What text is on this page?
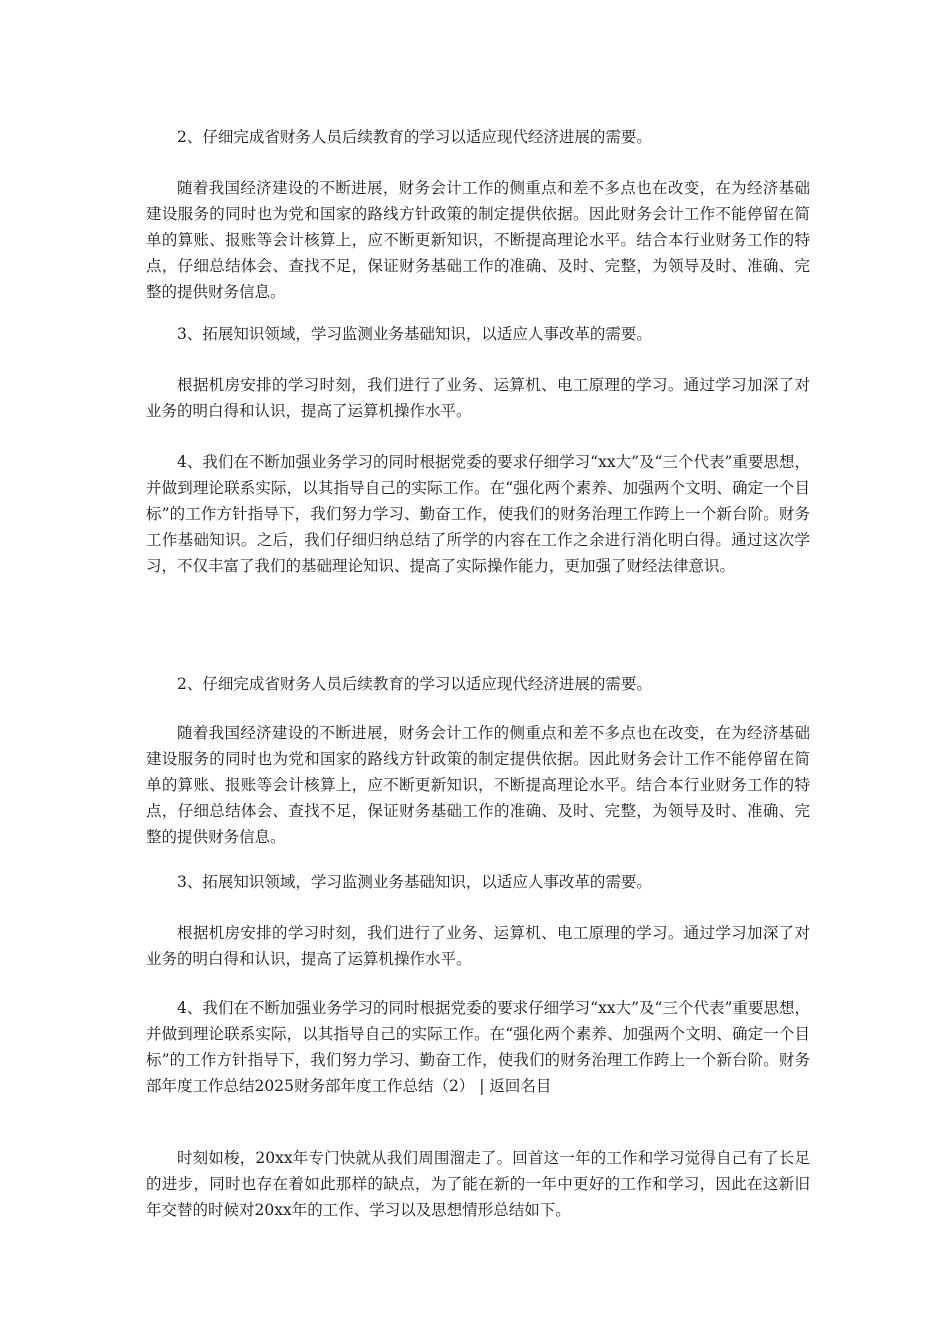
2、仔细完成省财务人员后续教育的学习以适应现代经济进展的需要。

随着我国经济建设的不断进展，财务会计工作的侧重点和差不多点也在改变，在为经济基础建设服务的同时也为党和国家的路线方针政策的制定提供依据。因此财务会计工作不能停留在简单的算账、报账等会计核算上，应不断更新知识，不断提高理论水平。结合本行业财务工作的特点，仔细总结体会、查找不足，保证财务基础工作的准确、及时、完整，为领导及时、准确、完整的提供财务信息。

3、拓展知识领域，学习监测业务基础知识，以适应人事改革的需要。

根据机房安排的学习时刻，我们进行了业务、运算机、电工原理的学习。通过学习加深了对业务的明白得和认识，提高了运算机操作水平。

4、我们在不断加强业务学习的同时根据党委的要求仔细学习“xx大”及“三个代表”重要思想，并做到理论联系实际，以其指导自己的实际工作。在“强化两个素养、加强两个文明、确定一个目标”的工作方针指导下，我们努力学习、勤奋工作，使我们的财务治理工作跨上一个新台阶。财务工作基础知识。之后，我们仔细归纳总结了所学的内容在工作之余进行消化明白得。通过这次学习，不仅丰富了我们的基础理论知识、提高了实际操作能力，更加强了财经法律意识。

2、仔细完成省财务人员后续教育的学习以适应现代经济进展的需要。

随着我国经济建设的不断进展，财务会计工作的侧重点和差不多点也在改变，在为经济基础建设服务的同时也为党和国家的路线方针政策的制定提供依据。因此财务会计工作不能停留在简单的算账、报账等会计核算上，应不断更新知识，不断提高理论水平。结合本行业财务工作的特点，仔细总结体会、查找不足，保证财务基础工作的准确、及时、完整，为领导及时、准确、完整的提供财务信息。

3、拓展知识领域，学习监测业务基础知识，以适应人事改革的需要。

根据机房安排的学习时刻，我们进行了业务、运算机、电工原理的学习。通过学习加深了对业务的明白得和认识，提高了运算机操作水平。

4、我们在不断加强业务学习的同时根据党委的要求仔细学习“xx大”及“三个代表”重要思想，并做到理论联系实际，以其指导自己的实际工作。在“强化两个素养、加强两个文明、确定一个目标”的工作方针指导下，我们努力学习、勤奋工作，使我们的财务治理工作跨上一个新台阶。财务部年度工作总结2025财务部年度工作总结（2） | 返回名目

时刻如梭，20xx年专门快就从我们周围溜走了。回首这一年的工作和学习觉得自己有了长足的进步，同时也存在着如此那样的缺点，为了能在新的一年中更好的工作和学习，因此在这新旧年交替的时候对20xx年的工作、学习以及思想情形总结如下。
